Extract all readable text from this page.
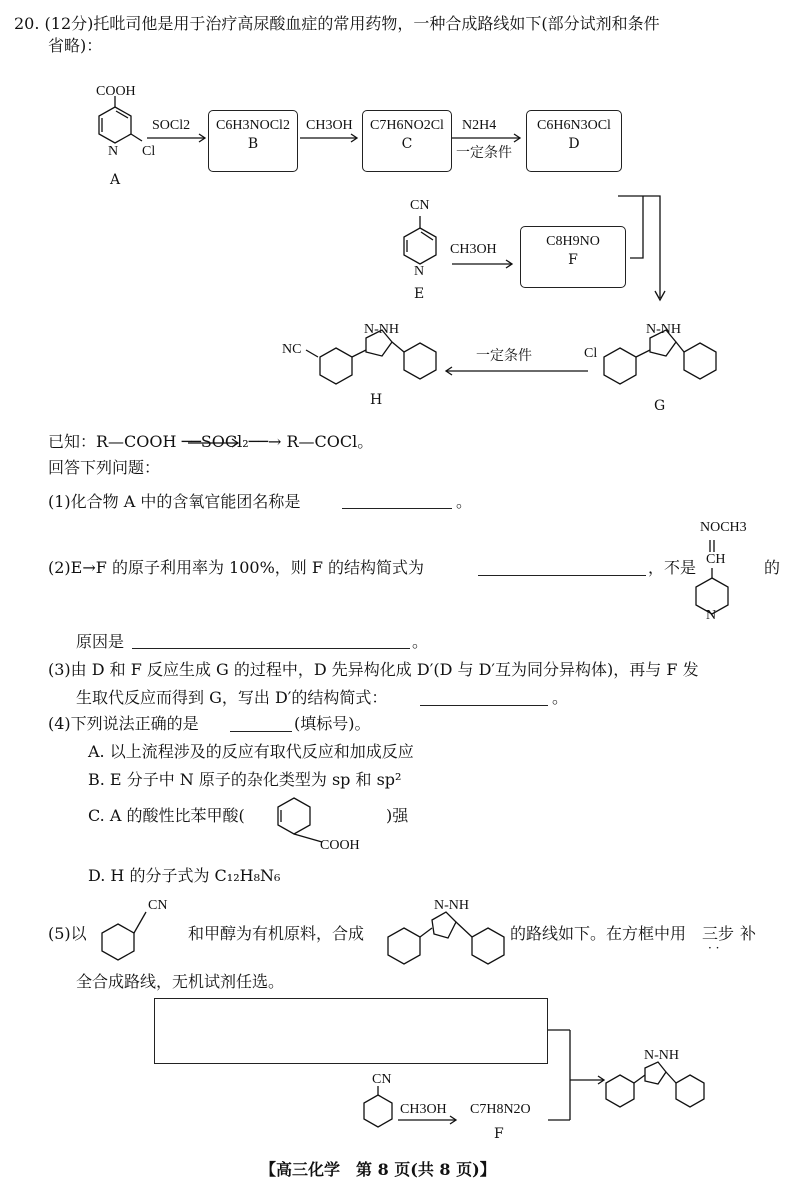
20. (12分)托吡司他是用于治疗高尿酸血症的常用药物，一种合成路线如下(部分试剂和条件
省略)：
COOH
N Cl
A
SOCl2	CH3OH	N2H4
一定条件
C6H3NOCl2
B
C7H6NO2Cl
C
C6H6N3OCl
D
CN
N
E
CH3OH
C8H9NO
F
Cl
N-NH
G
一定条件
NC
N-NH
H
已知：R—COOH ──SOCl₂──→ R—COCl。
回答下列问题：
(1)化合物 A 中的含氧官能团名称是	。
(2)E→F 的原子利用率为 100%，则 F 的结构简式为	，不是	的
NOCH3
CH
N
原因是	。
(3)由 D 和 F 反应生成 G 的过程中，D 先异构化成 D′(D 与 D′互为同分异构体)，再与 F 发
生取代反应而得到 G，写出 D′的结构简式：	。
(4)下列说法正确的是	(填标号)。
A. 以上流程涉及的反应有取代反应和加成反应
B. E 分子中 N 原子的杂化类型为 sp 和 sp²
C. A 的酸性比苯甲酸(	)强
COOH
D. H 的分子式为 C₁₂H₈N₆
(5)以
CN
和甲醇为有机原料，合成
N-NH
的路线如下。在方框中用 三步
· ·
补
全合成路线，无机试剂任选。
CN
CH3OH C7H8N2O
F
N-NH
【高三化学　第 8 页(共 8 页)】
